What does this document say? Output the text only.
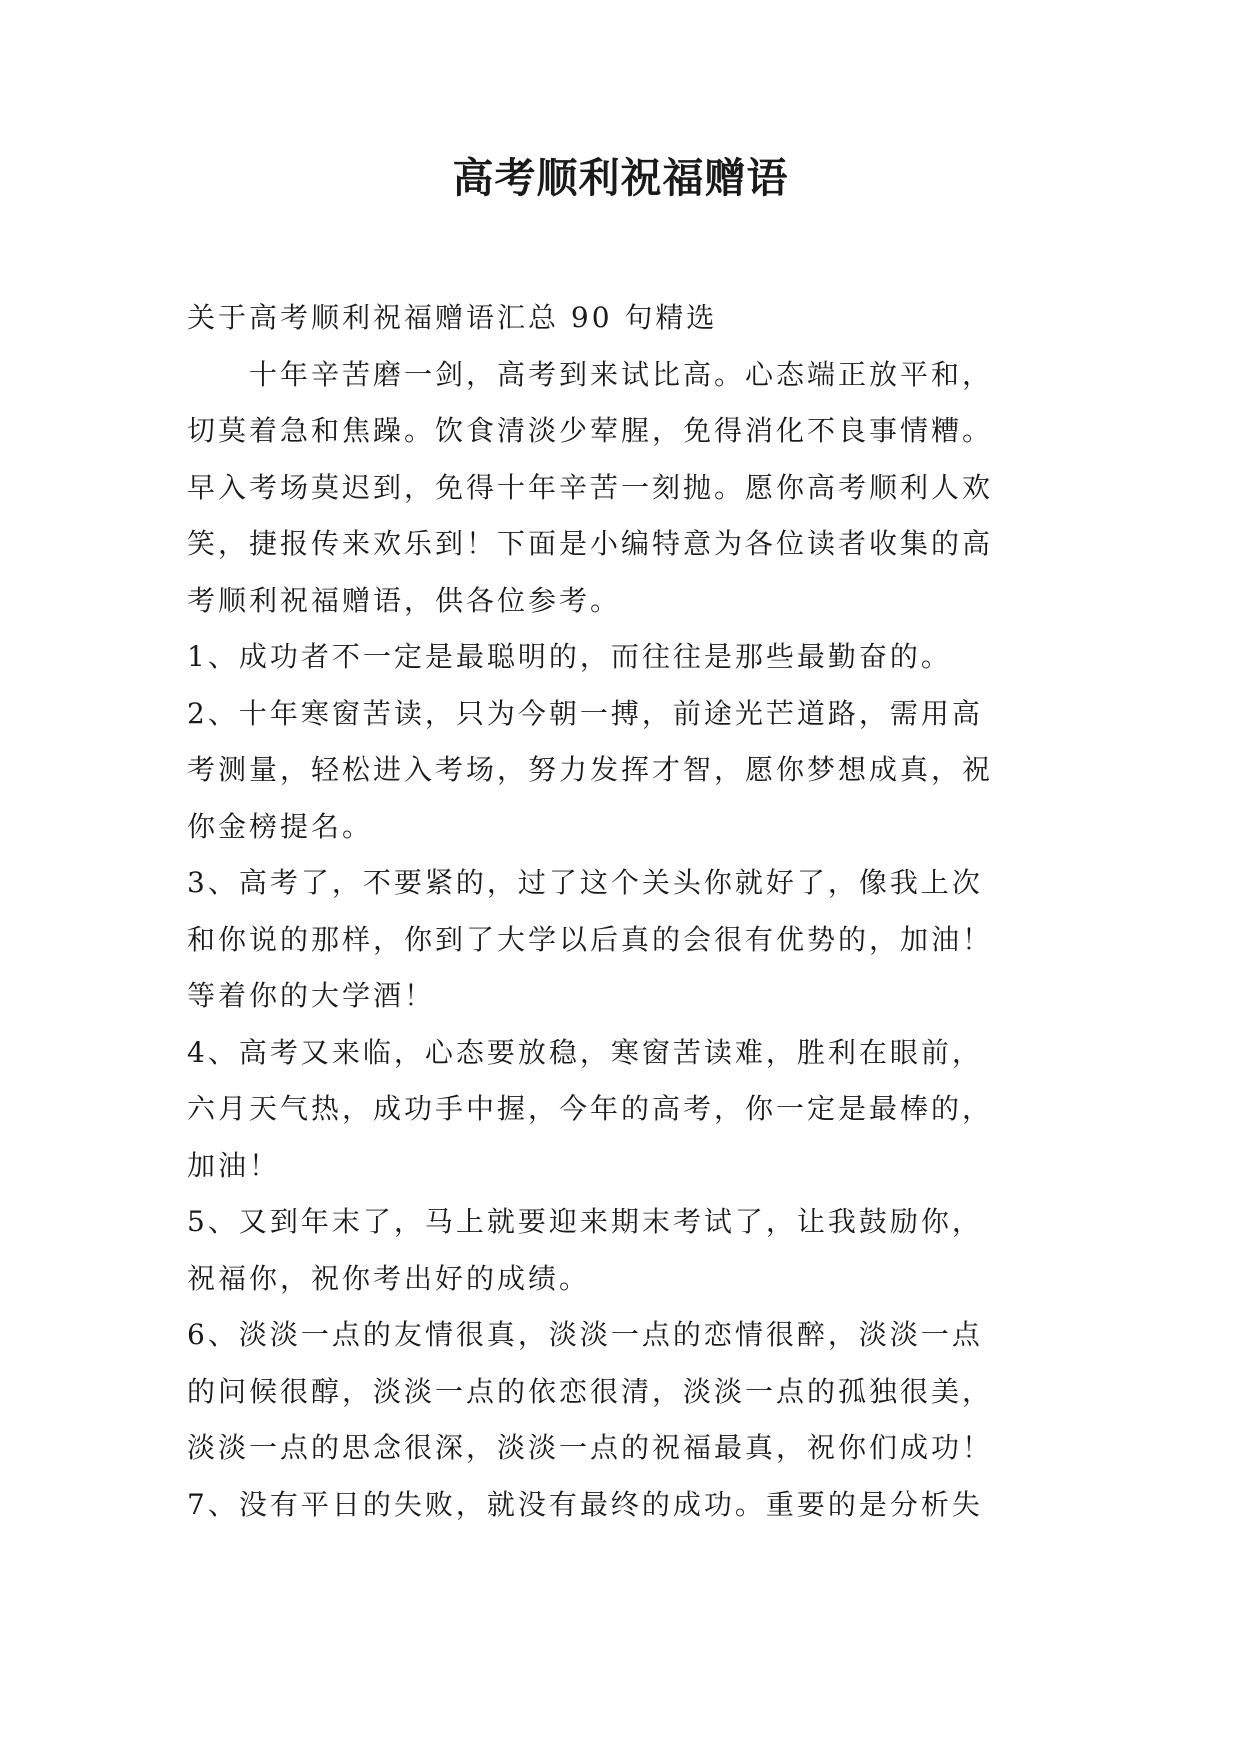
高考顺利祝福赠语
关于高考顺利祝福赠语汇总 90 句精选
　　十年辛苦磨一剑，高考到来试比高。心态端正放平和，
切莫着急和焦躁。饮食清淡少荤腥，免得消化不良事情糟。
早入考场莫迟到，免得十年辛苦一刻抛。愿你高考顺利人欢
笑，捷报传来欢乐到！下面是小编特意为各位读者收集的高
考顺利祝福赠语，供各位参考。
1、成功者不一定是最聪明的，而往往是那些最勤奋的。
2、十年寒窗苦读，只为今朝一搏，前途光芒道路，需用高
考测量，轻松进入考场，努力发挥才智，愿你梦想成真，祝
你金榜提名。
3、高考了，不要紧的，过了这个关头你就好了，像我上次
和你说的那样，你到了大学以后真的会很有优势的，加油！
等着你的大学酒！
4、高考又来临，心态要放稳，寒窗苦读难，胜利在眼前，
六月天气热，成功手中握，今年的高考，你一定是最棒的，
加油！
5、又到年末了，马上就要迎来期末考试了，让我鼓励你，
祝福你，祝你考出好的成绩。
6、淡淡一点的友情很真，淡淡一点的恋情很醉，淡淡一点
的问候很醇，淡淡一点的依恋很清，淡淡一点的孤独很美，
淡淡一点的思念很深，淡淡一点的祝福最真，祝你们成功！
7、没有平日的失败，就没有最终的成功。重要的是分析失
